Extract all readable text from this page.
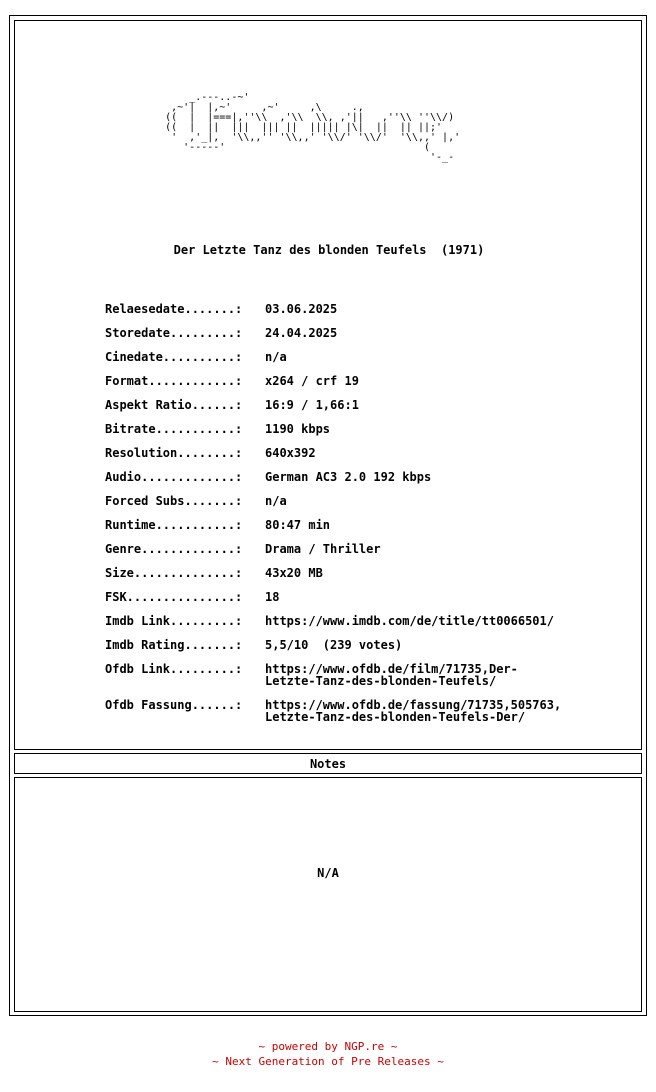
_.---..-~'
,~'|  |,~'     ,~'     ,\     .,
((  |  |===|,''\\  ,'\\  \\, ,'||   ,''\\ ''\\/)
((  |  ||  |||  ||| ||  ||||| |\|  ||  || ||;'
'  ,'_|,  '\\,,'' '\\,,' '\\/' '\\/'  '\\,,' |,'
'-----'                                 (
'-_-
Der Letzte Tanz des blonden Teufels  (1971)
Relaesedate.......:	03.06.2025
Storedate.........:	24.04.2025
Cinedate..........:	n/a
Format............:	x264 / crf 19
Aspekt Ratio......:	16:9 / 1,66:1
Bitrate...........:	1190 kbps
Resolution........:	640x392
Audio.............:	German AC3 2.0 192 kbps
Forced Subs.......:	n/a
Runtime...........:	80:47 min
Genre.............:	Drama / Thriller
Size..............:	43x20 MB
FSK...............:	18
Imdb Link.........:	https://www.imdb.com/de/title/tt0066501/
Imdb Rating.......:	5,5/10  (239 votes)
Ofdb Link.........:	https://www.ofdb.de/film/71735,Der-
Letzte-Tanz-des-blonden-Teufels/
Ofdb Fassung......:	https://www.ofdb.de/fassung/71735,505763,
Letzte-Tanz-des-blonden-Teufels-Der/
Notes
N/A
~ powered by NGP.re ~
~ Next Generation of Pre Releases ~
